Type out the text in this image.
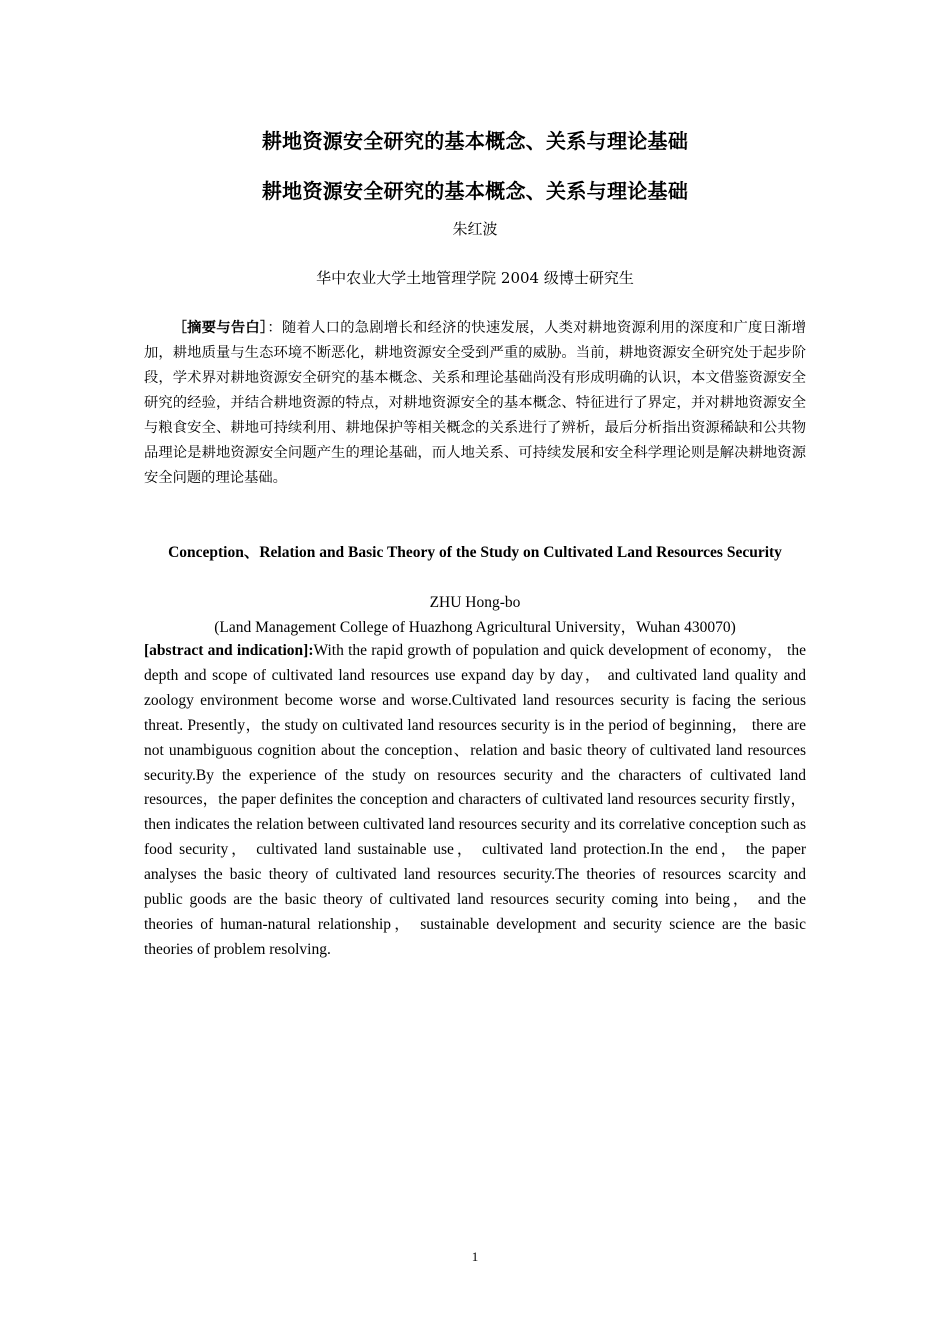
耕地资源安全研究的基本概念、关系与理论基础
耕地资源安全研究的基本概念、关系与理论基础
朱红波
华中农业大学土地管理学院 2004 级博士研究生

［摘要与告白］：随着人口的急剧增长和经济的快速发展，人类对耕地资源利用的深度和广度日渐增加，耕地质量与生态环境不断恶化，耕地资源安全受到严重的威胁。当前，耕地资源安全研究处于起步阶段，学术界对耕地资源安全研究的基本概念、关系和理论基础尚没有形成明确的认识，本文借鉴资源安全研究的经验，并结合耕地资源的特点，对耕地资源安全的基本概念、特征进行了界定，并对耕地资源安全与粮食安全、耕地可持续利用、耕地保护等相关概念的关系进行了辨析，最后分析指出资源稀缺和公共物品理论是耕地资源安全问题产生的理论基础，而人地关系、可持续发展和安全科学理论则是解决耕地资源安全问题的理论基础。

Conception、Relation and Basic Theory of the Study on Cultivated Land Resources Security

ZHU Hong-bo
(Land Management College of Huazhong Agricultural University，Wuhan 430070)

[abstract and indication]:With the rapid growth of population and quick development of economy， the depth and scope of cultivated land resources use expand day by day， and cultivated land quality and zoology environment become worse and worse.Cultivated land resources security is facing the serious threat. Presently，the study on cultivated land resources security is in the period of beginning， there are not unambiguous cognition about the conception、relation and basic theory of cultivated land resources security.By the experience of the study on resources security and the characters of cultivated land resources，the paper definites the conception and characters of cultivated land resources security firstly， then indicates the relation between cultivated land resources security and its correlative conception such as food security， cultivated land sustainable use， cultivated land protection.In the end， the paper analyses the basic theory of cultivated land resources security.The theories of resources scarcity and public goods are the basic theory of cultivated land resources security coming into being， and the theories of human-natural relationship， sustainable development and security science are the basic theories of problem resolving.

1
